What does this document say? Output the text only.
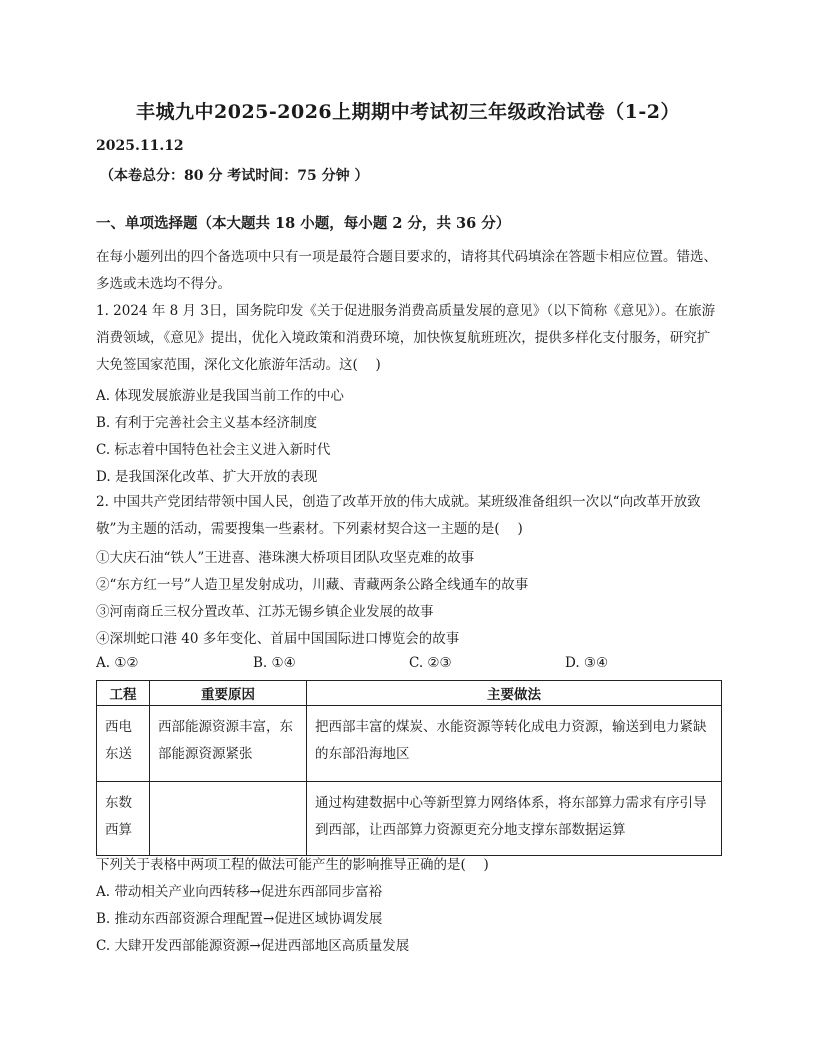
丰城九中2025-2026上期期中考试初三年级政治试卷（1-2）
2025.11.12
（本卷总分：80 分 考试时间：75 分钟 ）
一、单项选择题（本大题共 18 小题，每小题 2 分，共 36 分）
在每小题列出的四个备选项中只有一项是最符合题目要求的，请将其代码填涂在答题卡相应位置。错选、多选或未选均不得分。
1. 2024 年 8 月 3日，国务院印发《关于促进服务消费高质量发展的意见》（以下简称《意见》）。在旅游消费领域，《意见》提出，优化入境政策和消费环境，加快恢复航班班次，提供多样化支付服务，研究扩大免签国家范围，深化文化旅游年活动。这(　 )
A. 体现发展旅游业是我国当前工作的中心
B. 有利于完善社会主义基本经济制度
C. 标志着中国特色社会主义进入新时代
D. 是我国深化改革、扩大开放的表现
2. 中国共产党团结带领中国人民，创造了改革开放的伟大成就。某班级准备组织一次以“向改革开放致敬”为主题的活动，需要搜集一些素材。下列素材契合这一主题的是(　 )
①大庆石油“铁人”王进喜、港珠澳大桥项目团队攻坚克难的故事
②“东方红一号”人造卫星发射成功，川藏、青藏两条公路全线通车的故事
③河南商丘三权分置改革、江苏无锡乡镇企业发展的故事
④深圳蛇口港 40 多年变化、首届中国国际进口博览会的故事
A. ①②	B. ①④	C. ②③	D. ③④
工程	重要原因	主要做法

西电东送	西部能源资源丰富，东部能源资源紧张	把西部丰富的煤炭、水能资源等转化成电力资源，输送到电力紧缺的东部沿海地区

东数西算		通过构建数据中心等新型算力网络体系，将东部算力需求有序引导到西部，让西部算力资源更充分地支撑东部数据运算
下列关于表格中两项工程的做法可能产生的影响推导正确的是(　 )
A. 带动相关产业向西转移→促进东西部同步富裕
B. 推动东西部资源合理配置→促进区域协调发展
C. 大肆开发西部能源资源→促进西部地区高质量发展
